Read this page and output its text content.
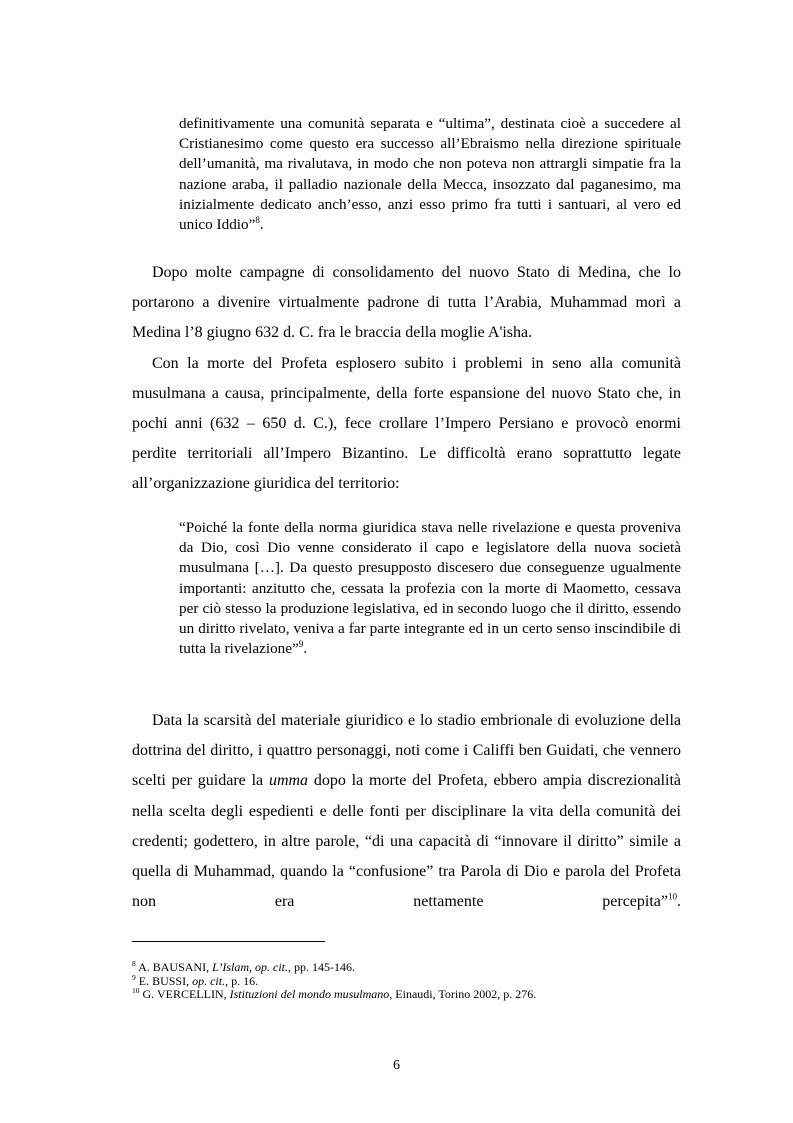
definitivamente una comunità separata e “ultima”, destinata cioè a succedere al Cristianesimo come questo era successo all’Ebraismo nella direzione spirituale dell’umanità, ma rivalutava, in modo che non poteva non attrargli simpatie fra la nazione araba, il palladio nazionale della Mecca, insozzato dal paganesimo, ma inizialmente dedicato anch’esso, anzi esso primo fra tutti i santuari, al vero ed unico Iddio”$^8$.

Dopo molte campagne di consolidamento del nuovo Stato di Medina, che lo portarono a divenire virtualmente padrone di tutta l’Arabia, Muhammad morì a Medina l’8 giugno 632 d. C. fra le braccia della moglie A'isha.

Con la morte del Profeta esplosero subito i problemi in seno alla comunità musulmana a causa, principalmente, della forte espansione del nuovo Stato che, in pochi anni (632 – 650 d. C.), fece crollare l’Impero Persiano e provocò enormi perdite territoriali all’Impero Bizantino. Le difficoltà erano soprattutto legate all’organizzazione giuridica del territorio:

“Poiché la fonte della norma giuridica stava nelle rivelazione e questa proveniva da Dio, così Dio venne considerato il capo e legislatore della nuova società musulmana […]. Da questo presupposto discesero due conseguenze ugualmente importanti: anzitutto che, cessata la profezia con la morte di Maometto, cessava per ciò stesso la produzione legislativa, ed in secondo luogo che il diritto, essendo un diritto rivelato, veniva a far parte integrante ed in un certo senso inscindibile di tutta la rivelazione”$^9$.

Data la scarsità del materiale giuridico e lo stadio embrionale di evoluzione della dottrina del diritto, i quattro personaggi, noti come i Califfi ben Guidati, che vennero scelti per guidare la umma dopo la morte del Profeta, ebbero ampia discrezionalità nella scelta degli espedienti e delle fonti per disciplinare la vita della comunità dei credenti; godettero, in altre parole, “di una capacità di “innovare il diritto” simile a quella di Muhammad, quando la “confusione” tra Parola di Dio e parola del Profeta non era nettamente percepita”$^{10}$.

$^8$ A. BAUSANI, L’Islam, op. cit., pp. 145-146.
$^9$ E. BUSSI, op. cit., p. 16.
$^{10}$ G. VERCELLIN, Istituzioni del mondo musulmano, Einaudi, Torino 2002, p. 276.
6
